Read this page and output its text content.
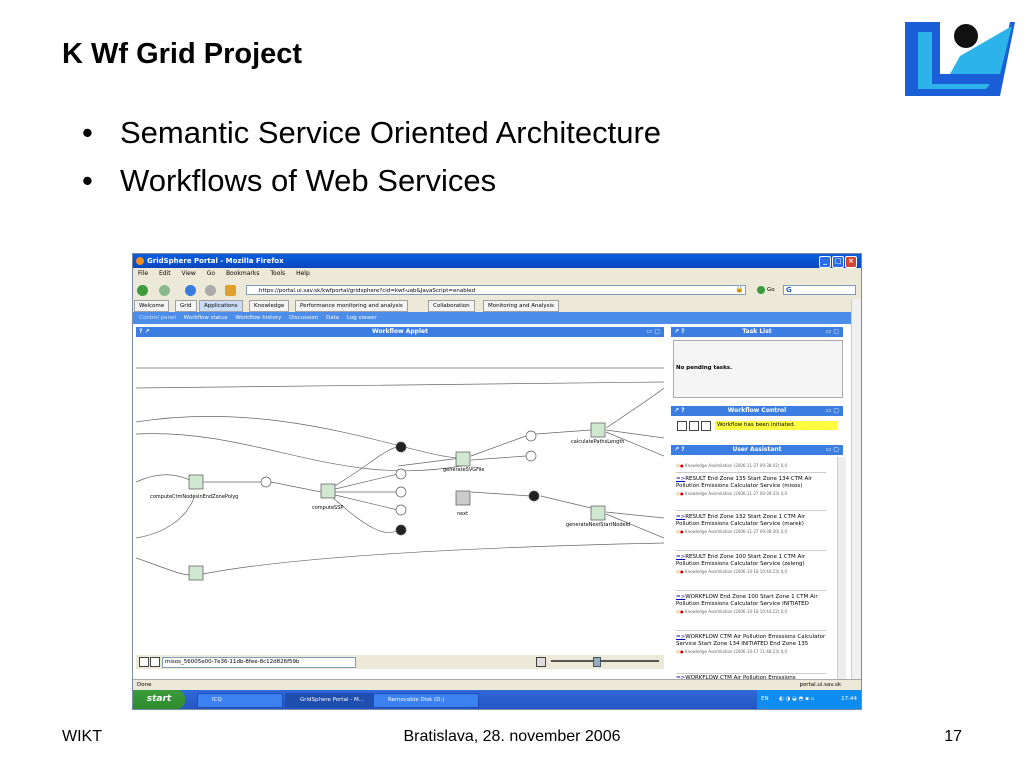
K Wf Grid Project
• Semantic Service Oriented Architecture
• Workflows of Web Services
WIKT	Bratislava, 28. november 2006	17
GridSphere Portal - Mozilla Firefox	_	□ ×
File Edit View Go Bookmarks Tools Help
https://portal.ui.sav.sk/kwfportal/gridsphere?cid=kwf-uab&JavaScript=enabled	🔒	Go	G
Welcome	Grid	Applications	Knowledge	Performance monitoring and analysis	Collaboration	Monitoring and Analysis
Control panel Workflow status Workflow history Discussion Data Log viewer
? ↗	Workflow Applet	▭ ▢
computeCtmNodesInEndZonePolyg
computeSSP
generateSVGFile
calculatePathsLength
next
generateNextStartNodeId
misos_56005e00-7e36-11db-8fee-8c12d826f59b
↗ ?	Task List	▭ ▢
No pending tasks.
↗ ?	Workflow Control	▭ ▢
Workflow has been initiated.
↗ ?	User Assistant	▭ ▢
☺● Knowledge Assimilation (2006-11-27 09:38:42) 0,0
=>RESULT End Zone 135 Start Zone 134 CTM Air Pollution Emissions Calculator Service (misos)
☺● Knowledge Assimilation (2006-11-27 09:39:33) 0,0
=>RESULT End Zone 132 Start Zone 1 CTM Air Pollution Emissions Calculator Service (marek)
☺● Knowledge Assimilation (2006-11-27 09:38:30) 0,0
=>RESULT End Zone 100 Start Zone 1 CTM Air Pollution Emissions Calculator Service (zeleng)
☺● Knowledge Assimilation (2006-10-18 10:44:23) 0,0
=>WORKFLOW End Zone 100 Start Zone 1 CTM Air Pollution Emissions Calculator Service INITIATED
☺● Knowledge Assimilation (2006-10-18 10:44:22) 0,0
=>WORKFLOW CTM Air Pollution Emissions Calculator Service Start Zone 134 INITIATED End Zone 135
☺● Knowledge Assimilation (2006-10-17 11:48:23) 0,0
=>WORKFLOW CTM Air Pollution Emissions
Done	portal.ui.sav.sk
start	ICQ	GridSphere Portal - M...	Removable Disk (D:)	EN ◐ ◑ ◒ ◓ ▪ ▫	17:44
